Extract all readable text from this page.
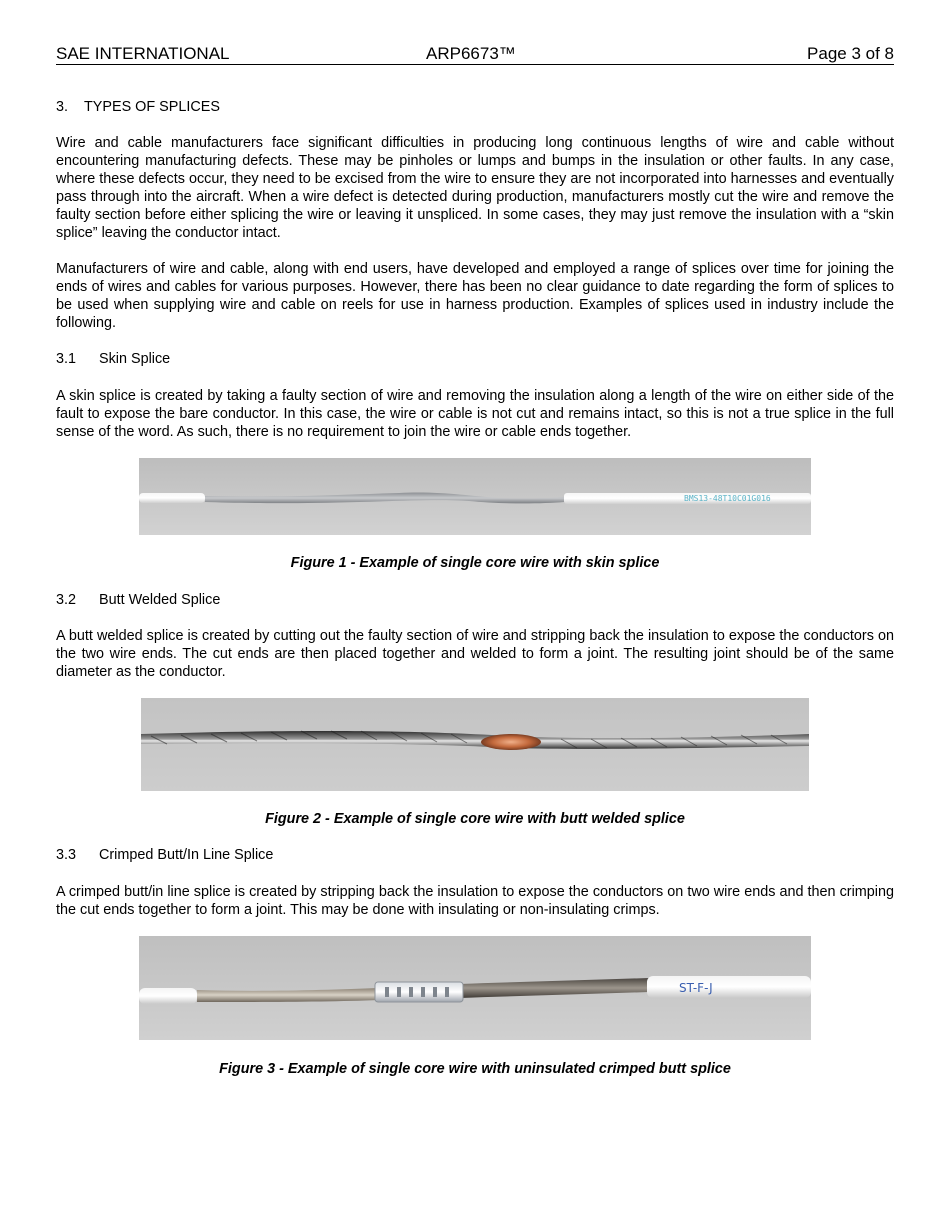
SAE INTERNATIONAL	ARP6673™	Page 3 of 8

3. TYPES OF SPLICES

Wire and cable manufacturers face significant difficulties in producing long continuous lengths of wire and cable without encountering manufacturing defects. These may be pinholes or lumps and bumps in the insulation or other faults. In any case, where these defects occur, they need to be excised from the wire to ensure they are not incorporated into harnesses and eventually pass through into the aircraft. When a wire defect is detected during production, manufacturers mostly cut the wire and remove the faulty section before either splicing the wire or leaving it unspliced. In some cases, they may just remove the insulation with a “skin splice” leaving the conductor intact.

Manufacturers of wire and cable, along with end users, have developed and employed a range of splices over time for joining the ends of wires and cables for various purposes. However, there has been no clear guidance to date regarding the form of splices to be used when supplying wire and cable on reels for use in harness production. Examples of splices used in industry include the following.

3.1 Skin Splice

A skin splice is created by taking a faulty section of wire and removing the insulation along a length of the wire on either side of the fault to expose the bare conductor. In this case, the wire or cable is not cut and remains intact, so this is not a true splice in the full sense of the word. As such, there is no requirement to join the wire or cable ends together.

BMS13-48T10C01G016

Figure 1 - Example of single core wire with skin splice

3.2 Butt Welded Splice

A butt welded splice is created by cutting out the faulty section of wire and stripping back the insulation to expose the conductors on the two wire ends. The cut ends are then placed together and welded to form a joint. The resulting joint should be of the same diameter as the conductor.

Figure 2 - Example of single core wire with butt welded splice

3.3 Crimped Butt/In Line Splice

A crimped butt/in line splice is created by stripping back the insulation to expose the conductors on two wire ends and then crimping the cut ends together to form a joint. This may be done with insulating or non-insulating crimps.

ST-F-J

Figure 3 - Example of single core wire with uninsulated crimped butt splice
